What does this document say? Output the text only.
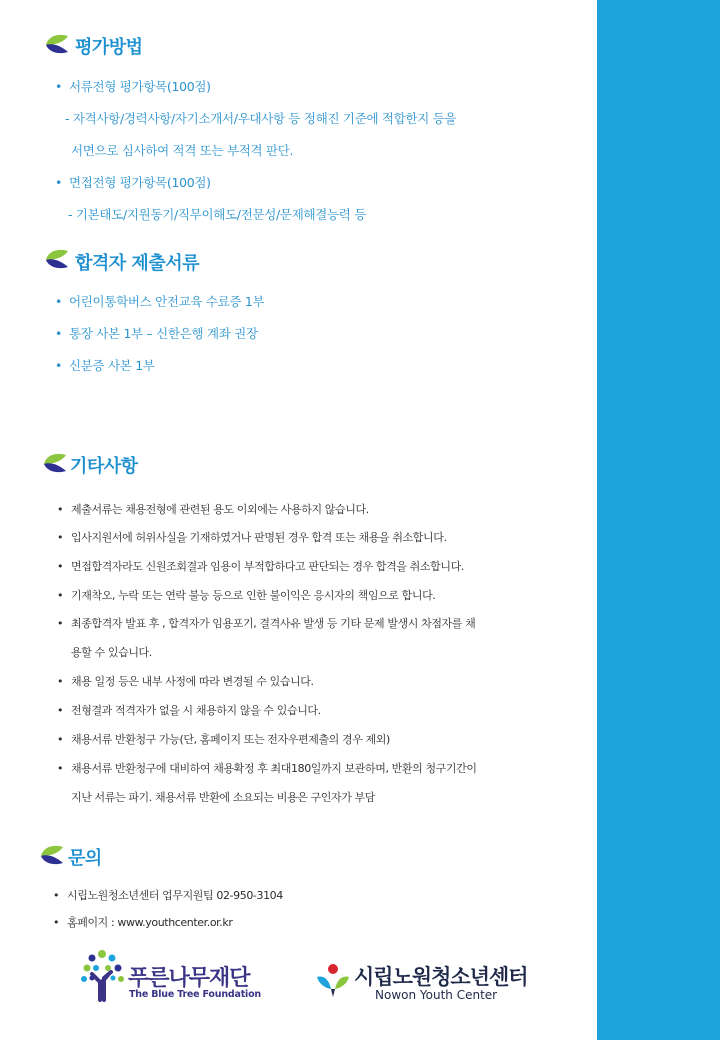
평가방법
• 서류전형 평가항목(100점)
- 자격사항/경력사항/자기소개서/우대사항 등 정해진 기준에 적합한지 등을
서면으로 심사하여 적격 또는 부적격 판단.
• 면접전형 평가항목(100점)
- 기본태도/지원동기/직무이해도/전문성/문제해결능력 등
합격자 제출서류
• 어린이통학버스 안전교육 수료증 1부
• 통장 사본 1부 – 신한은행 계좌 권장
• 신분증 사본 1부
기타사항
• 제출서류는 채용전형에 관련된 용도 이외에는 사용하지 않습니다.
• 입사지원서에 허위사실을 기재하였거나 판명된 경우 합격 또는 채용을 취소합니다.
• 면접합격자라도 신원조회결과 임용이 부적합하다고 판단되는 경우 합격을 취소합니다.
• 기재착오, 누락 또는 연락 불능 등으로 인한 불이익은 응시자의 책임으로 합니다.
• 최종합격자 발표 후 , 합격자가 임용포기, 결격사유 발생 등 기타 문제 발생시 차점자를 채
용할 수 있습니다.
• 채용 일정 등은 내부 사정에 따라 변경될 수 있습니다.
• 전형결과 적격자가 없을 시 채용하지 않을 수 있습니다.
• 채용서류 반환청구 가능(단, 홈페이지 또는 전자우편제출의 경우 제외)
• 채용서류 반환청구에 대비하여 채용확정 후 최대180일까지 보관하며, 반환의 청구기간이
지난 서류는 파기. 채용서류 반환에 소요되는 비용은 구인자가 부담
문의
• 시립노원청소년센터 업무지원팀 02-950-3104
• 홈페이지 : www.youthcenter.or.kr
푸른나무재단
The Blue Tree Foundation
시립노원청소년센터
Nowon Youth Center
